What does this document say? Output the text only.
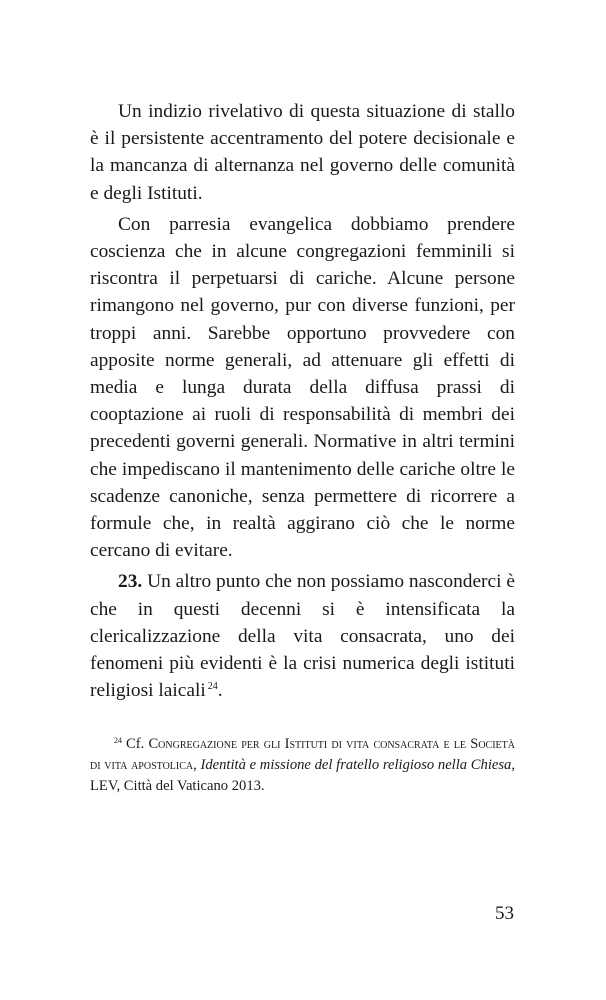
Un indizio rivelativo di questa situazione di stallo è il persistente accentramento del potere decisionale e la mancanza di alternanza nel governo delle comunità e degli Istituti.

Con parresia evangelica dobbiamo prendere coscienza che in alcune congregazioni femminili si riscontra il perpetuarsi di cariche. Alcune persone rimangono nel governo, pur con diverse funzioni, per troppi anni. Sarebbe opportuno provvedere con apposite norme generali, ad attenuare gli effetti di media e lunga durata della diffusa prassi di cooptazione ai ruoli di responsabilità di membri dei precedenti governi generali. Normative in altri termini che impediscano il mantenimento delle cariche oltre le scadenze canoniche, senza permettere di ricorrere a formule che, in realtà aggirano ciò che le norme cercano di evitare.

23. Un altro punto che non possiamo nasconderci è che in questi decenni si è intensificata la clericalizzazione della vita consacrata, uno dei fenomeni più evidenti è la crisi numerica degli istituti religiosi laicali $^{24}$.

$^{24}$ Cf. Congregazione per gli Istituti di vita consacrata e le Società di vita apostolica, Identità e missione del fratello religioso nella Chiesa, LEV, Città del Vaticano 2013.

53
